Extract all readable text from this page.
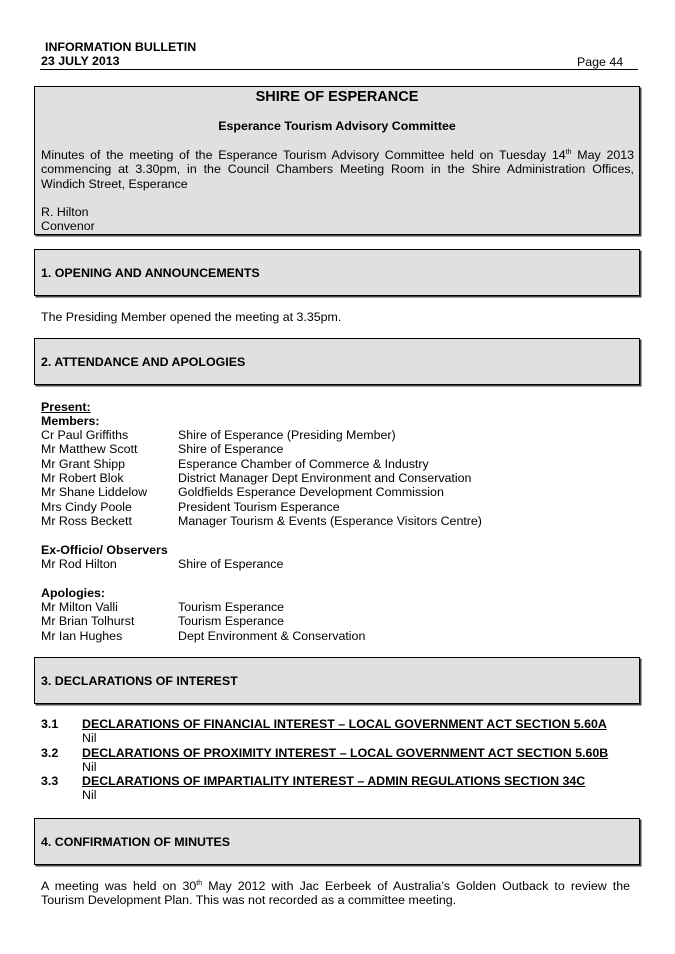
INFORMATION BULLETIN
23 JULY 2013	Page 44
SHIRE OF ESPERANCE
Esperance Tourism Advisory Committee
Minutes of the meeting of the Esperance Tourism Advisory Committee held on Tuesday 14th May 2013 commencing at 3.30pm, in the Council Chambers Meeting Room in the Shire Administration Offices, Windich Street, Esperance
R. Hilton
Convenor
1. OPENING AND ANNOUNCEMENTS
The Presiding Member opened the meeting at 3.35pm.
2. ATTENDANCE AND APOLOGIES
Present:
Members:
Cr Paul Griffiths	Shire of Esperance (Presiding Member)
Mr Matthew Scott	Shire of Esperance
Mr Grant Shipp	Esperance Chamber of Commerce & Industry
Mr Robert Blok	District Manager Dept Environment and Conservation
Mr Shane Liddelow Goldfields Esperance Development Commission
Mrs Cindy Poole	President Tourism Esperance
Mr Ross Beckett	Manager Tourism & Events (Esperance Visitors Centre)
Ex-Officio/ Observers
Mr Rod Hilton	Shire of Esperance
Apologies:
Mr Milton Valli	Tourism Esperance
Mr Brian Tolhurst	Tourism Esperance
Mr Ian Hughes	Dept Environment & Conservation
3. DECLARATIONS OF INTEREST
3.1 DECLARATIONS OF FINANCIAL INTEREST – LOCAL GOVERNMENT ACT SECTION 5.60A
Nil
3.2 DECLARATIONS OF PROXIMITY INTEREST – LOCAL GOVERNMENT ACT SECTION 5.60B
Nil
3.3 DECLARATIONS OF IMPARTIALITY INTEREST – ADMIN REGULATIONS SECTION 34C
Nil
4. CONFIRMATION OF MINUTES
A meeting was held on 30th May 2012 with Jac Eerbeek of Australia’s Golden Outback to review the Tourism Development Plan. This was not recorded as a committee meeting.
